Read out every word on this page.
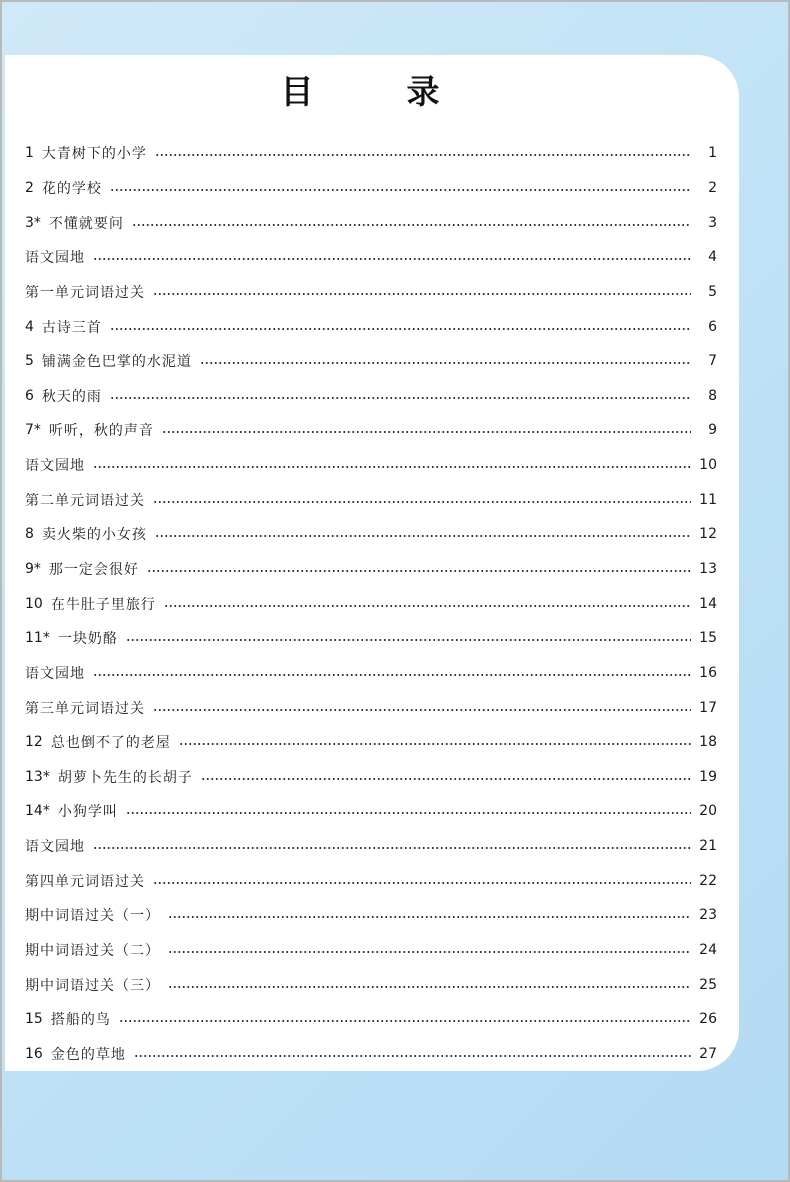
目　录
1 大青树下的小学	1
2 花的学校	2
3* 不懂就要问	3
语文园地	4
第一单元词语过关	5
4 古诗三首	6
5 铺满金色巴掌的水泥道	7
6 秋天的雨	8
7* 听听，秋的声音	9
语文园地	10
第二单元词语过关	11
8 卖火柴的小女孩	12
9* 那一定会很好	13
10 在牛肚子里旅行	14
11* 一块奶酪	15
语文园地	16
第三单元词语过关	17
12 总也倒不了的老屋	18
13* 胡萝卜先生的长胡子	19
14* 小狗学叫	20
语文园地	21
第四单元词语过关	22
期中词语过关（一）	23
期中词语过关（二）	24
期中词语过关（三）	25
15 搭船的鸟	26
16 金色的草地	27
